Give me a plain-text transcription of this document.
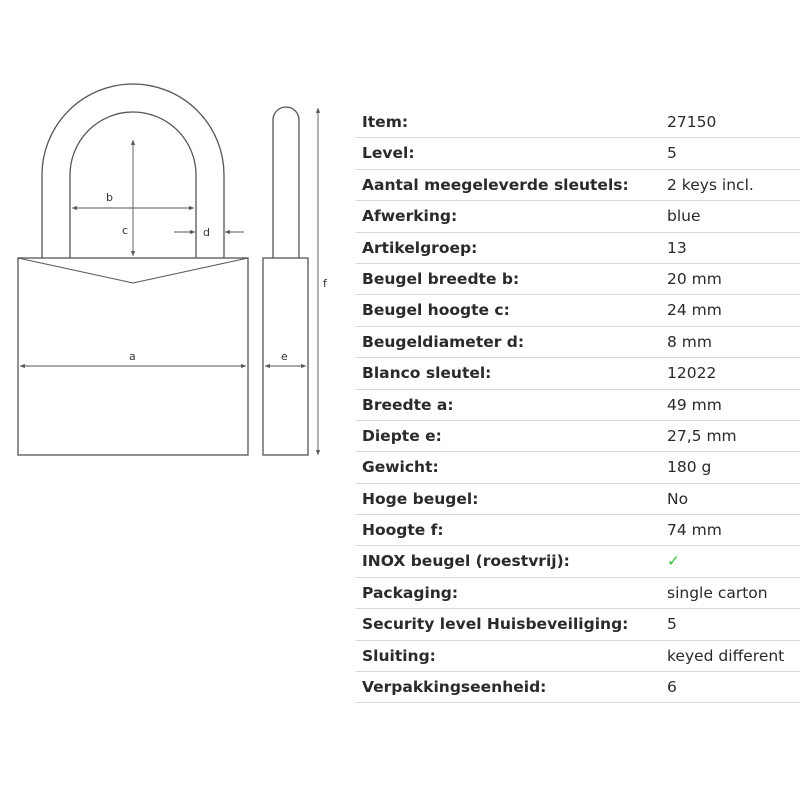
b
c	d
a	e
f
Item:	27150
Level:	5
Aantal meegeleverde sleutels: 2 keys incl.
Afwerking:	blue
Artikelgroep:	13
Beugel breedte b:	20 mm
Beugel hoogte c:	24 mm
Beugeldiameter d:	8 mm
Blanco sleutel:	12022
Breedte a:	49 mm
Diepte e:	27,5 mm
Gewicht:	180 g
Hoge beugel:	No
Hoogte f:	74 mm
INOX beugel (roestvrij):	✓
Packaging:	single carton
Security level Huisbeveiliging: 5
Sluiting:	keyed different
Verpakkingseenheid:	6
